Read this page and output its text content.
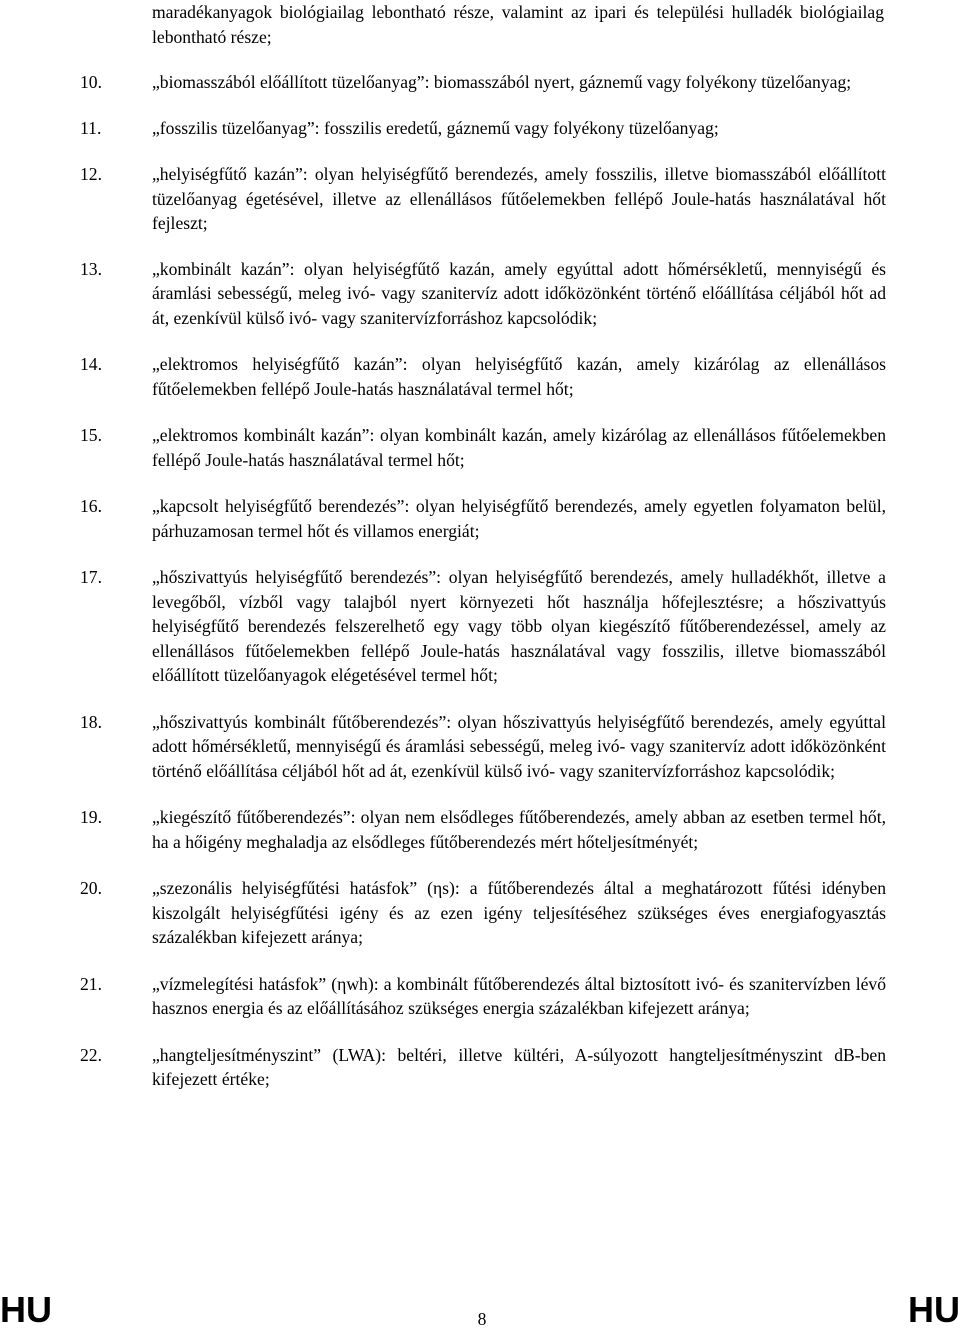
maradékanyagok biológiailag lebontható része, valamint az ipari és települési hulladék biológiailag lebontható része;
10.	„biomasszából előállított tüzelőanyag”: biomasszából nyert, gáznemű vagy folyékony tüzelőanyag;
11.	„fosszilis tüzelőanyag”: fosszilis eredetű, gáznemű vagy folyékony tüzelőanyag;
12.	„helyiségfűtő kazán”: olyan helyiségfűtő berendezés, amely fosszilis, illetve biomasszából előállított tüzelőanyag égetésével, illetve az ellenállásos fűtőelemekben fellépő Joule-hatás használatával hőt fejleszt;
13.	„kombinált kazán”: olyan helyiségfűtő kazán, amely egyúttal adott hőmérsékletű, mennyiségű és áramlási sebességű, meleg ivó- vagy szanitervíz adott időközönként történő előállítása céljából hőt ad át, ezenkívül külső ivó- vagy szanitervízforráshoz kapcsolódik;
14.	„elektromos helyiségfűtő kazán”: olyan helyiségfűtő kazán, amely kizárólag az ellenállásos fűtőelemekben fellépő Joule-hatás használatával termel hőt;
15.	„elektromos kombinált kazán”: olyan kombinált kazán, amely kizárólag az ellenállásos fűtőelemekben fellépő Joule-hatás használatával termel hőt;
16.	„kapcsolt helyiségfűtő berendezés”: olyan helyiségfűtő berendezés, amely egyetlen folyamaton belül, párhuzamosan termel hőt és villamos energiát;
17.	„hőszivattyús helyiségfűtő berendezés”: olyan helyiségfűtő berendezés, amely hulladékhőt, illetve a levegőből, vízből vagy talajból nyert környezeti hőt használja hőfejlesztésre; a hőszivattyús helyiségfűtő berendezés felszerelhető egy vagy több olyan kiegészítő fűtőberendezéssel, amely az ellenállásos fűtőelemekben fellépő Joule-hatás használatával vagy fosszilis, illetve biomasszából előállított tüzelőanyagok elégetésével termel hőt;
18.	„hőszivattyús kombinált fűtőberendezés”: olyan hőszivattyús helyiségfűtő berendezés, amely egyúttal adott hőmérsékletű, mennyiségű és áramlási sebességű, meleg ivó- vagy szanitervíz adott időközönként történő előállítása céljából hőt ad át, ezenkívül külső ivó- vagy szanitervízforráshoz kapcsolódik;
19.	„kiegészítő fűtőberendezés”: olyan nem elsődleges fűtőberendezés, amely abban az esetben termel hőt, ha a hőigény meghaladja az elsődleges fűtőberendezés mért hőteljesítményét;
20.	„szezonális helyiségfűtési hatásfok” (ηs): a fűtőberendezés által a meghatározott fűtési idényben kiszolgált helyiségfűtési igény és az ezen igény teljesítéséhez szükséges éves energiafogyasztás százalékban kifejezett aránya;
21.	„vízmelegítési hatásfok” (ηwh): a kombinált fűtőberendezés által biztosított ivó- és szanitervízben lévő hasznos energia és az előállításához szükséges energia százalékban kifejezett aránya;
22.	„hangteljesítményszint” (LWA): beltéri, illetve kültéri, A-súlyozott hangteljesítményszint dB-ben kifejezett értéke;
HU	8	HU
